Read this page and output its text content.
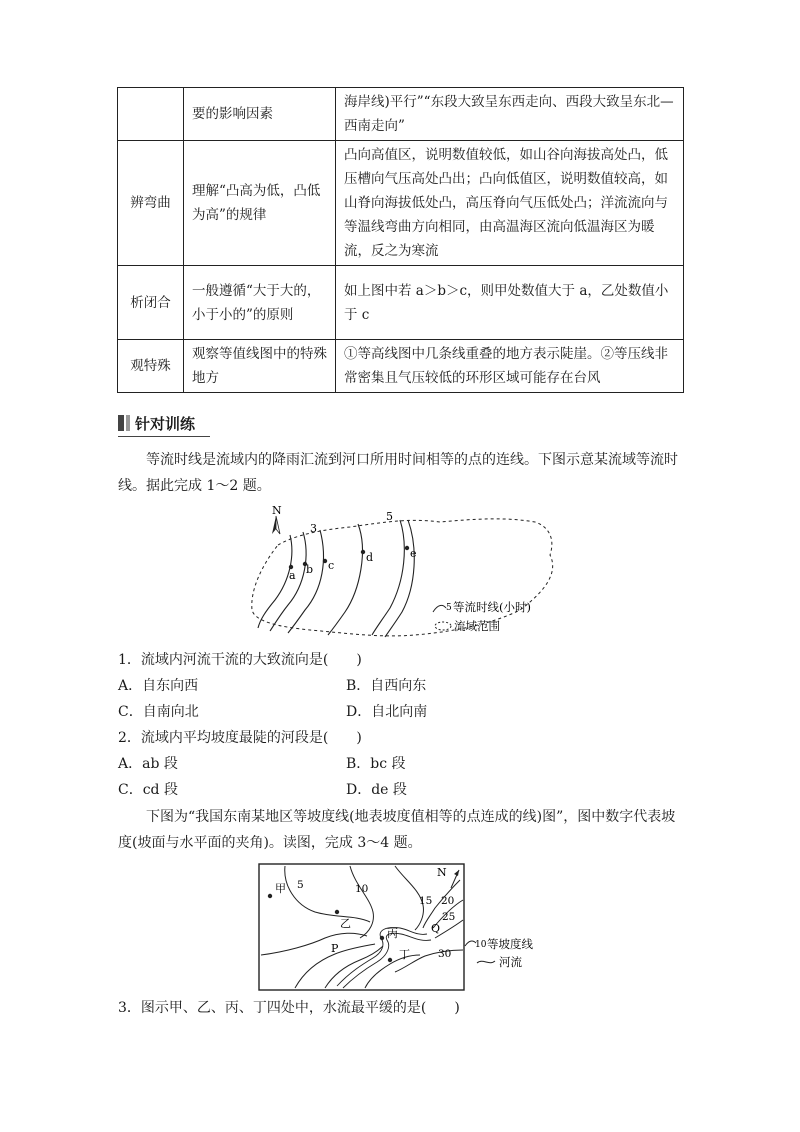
	要的影响因素	海岸线)平行”“东段大致呈东西走向、西段大致呈东北—西南走向”
辨弯曲	理解“凸高为低，凸低为高”的规律	凸向高值区，说明数值较低，如山谷向海拔高处凸，低压槽向气压高处凸出；凸向低值区，说明数值较高，如山脊向海拔低处凸，高压脊向气压低处凸；洋流流向与等温线弯曲方向相同，由高温海区流向低温海区为暖流，反之为寒流
析闭合	一般遵循“大于大的，小于小的”的原则	如上图中若 a＞b＞c，则甲处数值大于 a，乙处数值小于 c
观特殊	观察等值线图中的特殊地方	①等高线图中几条线重叠的地方表示陡崖。②等压线非常密集且气压较低的环形区域可能存在台风
针对训练
等流时线是流域内的降雨汇流到河口所用时间相等的点的连线。下图示意某流域等流时线。据此完成 1～2 题。
N
3
5
a b c
d	e
5 等流时线(小时)
流域范围
1．流域内河流干流的大致流向是(　　)
A．自东向西	B．自西向东
C．自南向北	D．自北向南
2．流域内平均坡度最陡的河段是(　　)
A．ab 段	B．bc 段
C．cd 段	D．de 段
下图为“我国东南某地区等坡度线(地表坡度值相等的点连成的线)图”，图中数字代表坡度(坡面与水平面的夹角)。读图，完成 3～4 题。
甲
乙
丙
丁
P
Q
5	10
15 20
25
30
N
10 等坡度线
河流
3．图示甲、乙、丙、丁四处中，水流最平缓的是(　　)
